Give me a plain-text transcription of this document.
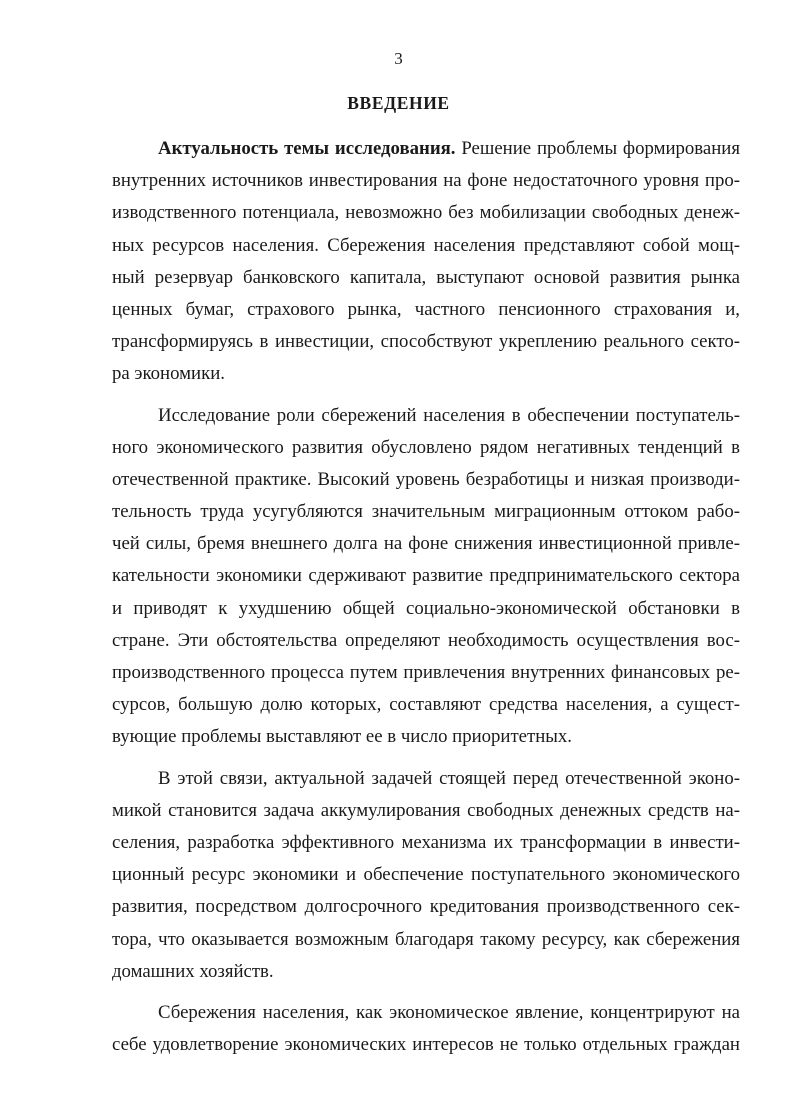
3
ВВЕДЕНИЕ
Актуальность темы исследования. Решение проблемы формирования
внутренних источников инвестирования на фоне недостаточного уровня про-
изводственного потенциала, невозможно без мобилизации свободных денеж-
ных ресурсов населения. Сбережения населения представляют собой мощ-
ный резервуар банковского капитала, выступают основой развития рынка
ценных бумаг, страхового рынка, частного пенсионного страхования и,
трансформируясь в инвестиции, способствуют укреплению реального секто-
ра экономики.
Исследование роли сбережений населения в обеспечении поступатель-
ного экономического развития обусловлено рядом негативных тенденций в
отечественной практике. Высокий уровень безработицы и низкая производи-
тельность труда усугубляются значительным миграционным оттоком рабо-
чей силы, бремя внешнего долга на фоне снижения инвестиционной привле-
кательности экономики сдерживают развитие предпринимательского сектора
и приводят к ухудшению общей социально-экономической обстановки в
стране. Эти обстоятельства определяют необходимость осуществления вос-
производственного процесса путем привлечения внутренних финансовых ре-
сурсов, большую долю которых, составляют средства населения, а сущест-
вующие проблемы выставляют ее в число приоритетных.
В этой связи, актуальной задачей стоящей перед отечественной эконо-
микой становится задача аккумулирования свободных денежных средств на-
селения, разработка эффективного механизма их трансформации в инвести-
ционный ресурс экономики и обеспечение поступательного экономического
развития, посредством долгосрочного кредитования производственного сек-
тора, что оказывается возможным благодаря такому ресурсу, как сбережения
домашних хозяйств.
Сбережения населения, как экономическое явление, концентрируют на
себе удовлетворение экономических интересов не только отдельных граждан
